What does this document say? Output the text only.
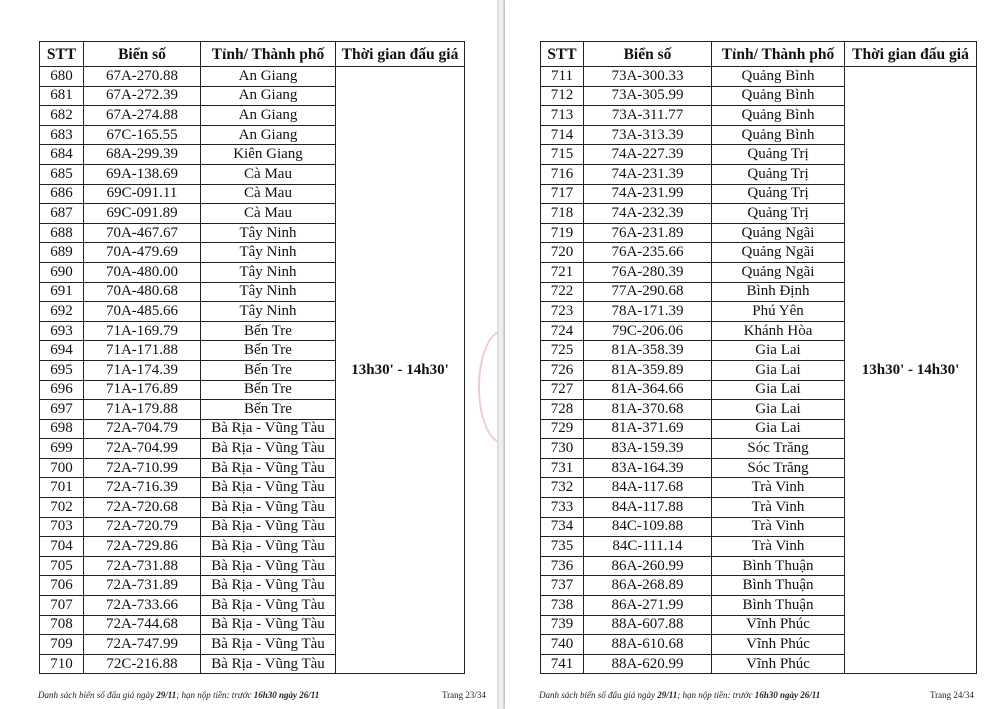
STT	Biển số	Tỉnh/ Thành phố	Thời gian đấu giá
680	67A-270.88	An Giang	13h30' - 14h30'
681	67A-272.39	An Giang	
682	67A-274.88	An Giang	
683	67C-165.55	An Giang	
684	68A-299.39	Kiên Giang	
685	69A-138.69	Cà Mau	
686	69C-091.11	Cà Mau	
687	69C-091.89	Cà Mau	
688	70A-467.67	Tây Ninh	
689	70A-479.69	Tây Ninh	
690	70A-480.00	Tây Ninh	
691	70A-480.68	Tây Ninh	
692	70A-485.66	Tây Ninh	
693	71A-169.79	Bến Tre	
694	71A-171.88	Bến Tre	
695	71A-174.39	Bến Tre	
696	71A-176.89	Bến Tre	
697	71A-179.88	Bến Tre	
698	72A-704.79	Bà Rịa - Vũng Tàu	
699	72A-704.99	Bà Rịa - Vũng Tàu	
700	72A-710.99	Bà Rịa - Vũng Tàu	
701	72A-716.39	Bà Rịa - Vũng Tàu	
702	72A-720.68	Bà Rịa - Vũng Tàu	
703	72A-720.79	Bà Rịa - Vũng Tàu	
704	72A-729.86	Bà Rịa - Vũng Tàu	
705	72A-731.88	Bà Rịa - Vũng Tàu	
706	72A-731.89	Bà Rịa - Vũng Tàu	
707	72A-733.66	Bà Rịa - Vũng Tàu	
708	72A-744.68	Bà Rịa - Vũng Tàu	
709	72A-747.99	Bà Rịa - Vũng Tàu	
710	72C-216.88	Bà Rịa - Vũng Tàu	
Danh sách biển số đấu giá ngày 29/11; hạn nộp tiền: trước 16h30 ngày 26/11	Trang 23/34
STT	Biển số	Tỉnh/ Thành phố	Thời gian đấu giá
711	73A-300.33	Quảng Bình	13h30' - 14h30'
712	73A-305.99	Quảng Bình	
713	73A-311.77	Quảng Bình	
714	73A-313.39	Quảng Bình	
715	74A-227.39	Quảng Trị	
716	74A-231.39	Quảng Trị	
717	74A-231.99	Quảng Trị	
718	74A-232.39	Quảng Trị	
719	76A-231.89	Quảng Ngãi	
720	76A-235.66	Quảng Ngãi	
721	76A-280.39	Quảng Ngãi	
722	77A-290.68	Bình Định	
723	78A-171.39	Phú Yên	
724	79C-206.06	Khánh Hòa	
725	81A-358.39	Gia Lai	
726	81A-359.89	Gia Lai	
727	81A-364.66	Gia Lai	
728	81A-370.68	Gia Lai	
729	81A-371.69	Gia Lai	
730	83A-159.39	Sóc Trăng	
731	83A-164.39	Sóc Trăng	
732	84A-117.68	Trà Vinh	
733	84A-117.88	Trà Vinh	
734	84C-109.88	Trà Vinh	
735	84C-111.14	Trà Vinh	
736	86A-260.99	Bình Thuận	
737	86A-268.89	Bình Thuận	
738	86A-271.99	Bình Thuận	
739	88A-607.88	Vĩnh Phúc	
740	88A-610.68	Vĩnh Phúc	
741	88A-620.99	Vĩnh Phúc	
Danh sách biển số đấu giá ngày 29/11; hạn nộp tiền: trước 16h30 ngày 26/11	Trang 24/34
